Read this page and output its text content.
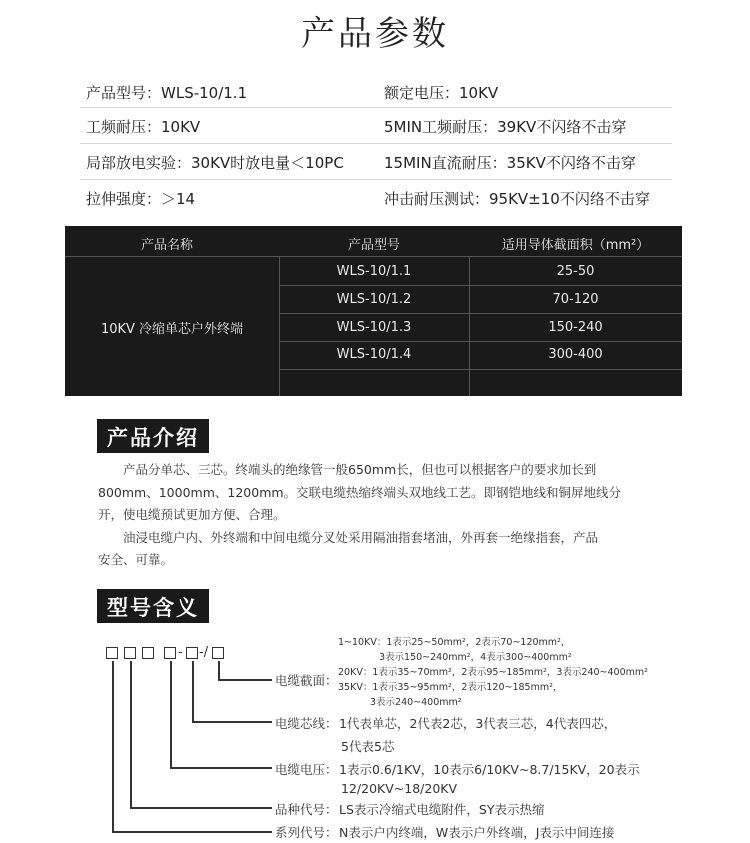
产品参数
产品型号：WLS-10/1.1	额定电压：10KV
工频耐压：10KV	5MIN工频耐压：39KV不闪络不击穿
局部放电实验：30KV时放电量＜10PC	15MIN直流耐压：35KV不闪络不击穿
拉伸强度：＞14	冲击耐压测试：95KV±10不闪络不击穿
产品名称	产品型号	适用导体截面积（mm²）
10KV 冷缩单芯户外终端
WLS-10/1.1	25-50
WLS-10/1.2	70-120
WLS-10/1.3	150-240
WLS-10/1.4	300-400
产品介绍

产品分单芯、三芯。终端头的绝缘管一般650mm长，但也可以根据客户的要求加长到

800mm、1000mm、1200mm。交联电缆热缩终端头双地线工艺。即钢铠地线和铜屏地线分

开，使电缆预试更加方便、合理。

油浸电缆户内、外终端和中间电缆分叉处采用隔油指套堵油，外再套一绝缘指套，产品

安全、可靠。

型号含义
- -/
1~10KV：1表示25~50mm²，2表示70~120mm²，
3表示150~240mm²，4表示300~400mm²
20KV：1表示35~70mm²，2表示95~185mm²，3表示240~400mm²
35KV：1表示35~95mm²，2表示120~185mm²，
3表示240~400mm²
电缆截面：
电缆芯线： 1代表单芯，2代表2芯，3代表三芯，4代表四芯，
5代表5芯
电缆电压： 1表示0.6/1KV，10表示6/10KV~8.7/15KV，20表示
12/20KV~18/20KV
品种代号： LS表示冷缩式电缆附件，SY表示热缩
系列代号： N表示户内终端，W表示户外终端，J表示中间连接
